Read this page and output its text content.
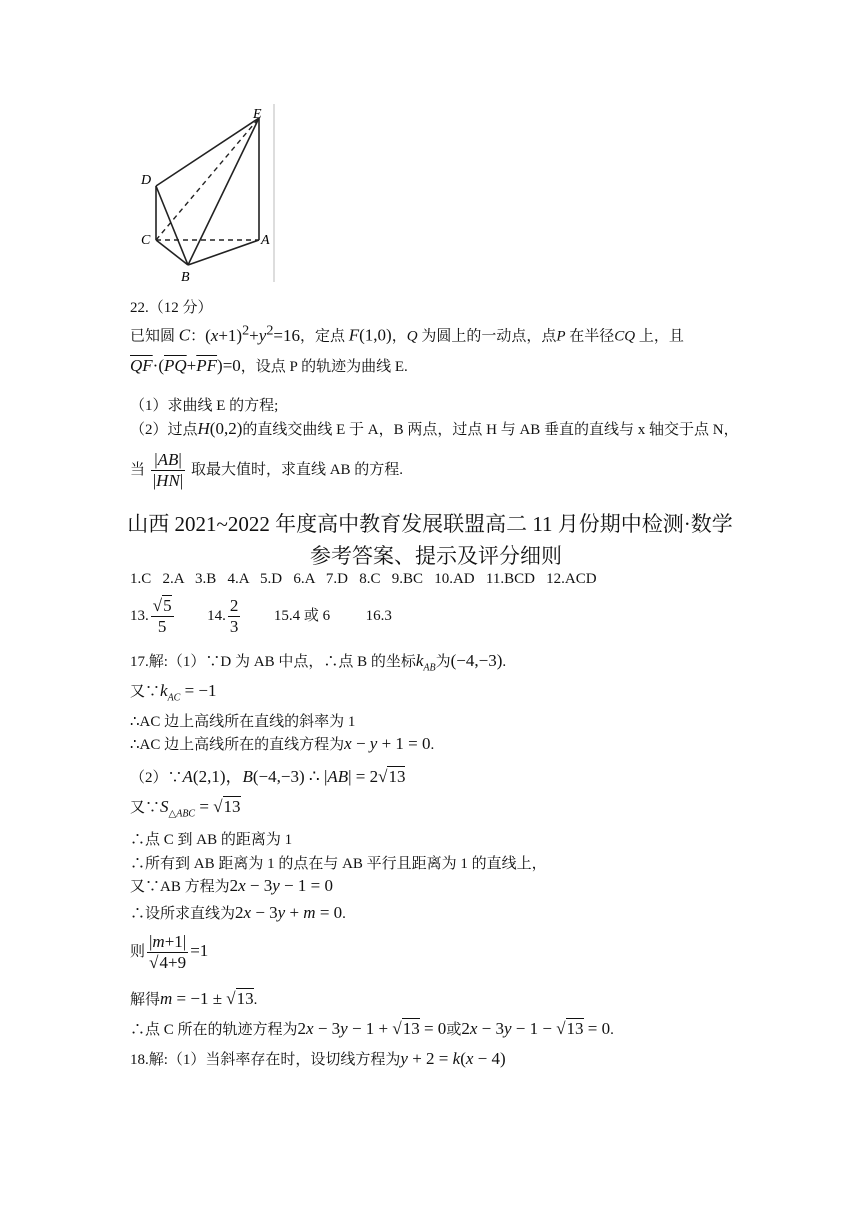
E
D
C	A
B
22.（12 分）
已知圆 C：$(x+1)^2+y^2=16$，定点 F(1,0)，Q 为圆上的一动点，点P 在半径CQ 上，且
$\overline{QF}\cdot(\overline{PQ}+\overline{PF})=0$，设点 P 的轨迹为曲线 E.
（1）求曲线 E 的方程;
（2）过点H(0,2)的直线交曲线 E 于 A，B 两点，过点 H 与 AB 垂直的直线与 x 轴交于点 N，
当 $\frac{|AB|}{|HN|}$ 取最大值时，求直线 AB 的方程.
山西 2021~2022 年度高中教育发展联盟高二 11 月份期中检测·数学
参考答案、提示及评分细则
1.C   2.A   3.B   4.A   5.D   6.A   7.D   8.C   9.BC   10.AD   11.BCD   12.ACD
13. $\frac{√5}{5} 14$. $\frac{2}{3} 15.4$ 或 6 16.3
17.解:（1）∵D 为 AB 中点，∴点 B 的坐标$k_{AB}$为(−4,−3).
又$\because k_{AC} = -1$
∴AC 边上高线所在直线的斜率为 1
∴AC 边上高线所在的直线方程为x − y + 1 = 0.
（2）∵A(2,1)，B(−4,−3) ∴ |AB| = 2√13
又$\because S_{\triangle ABC} = √13$
∴点 C 到 AB 的距离为 1
∴所有到 AB 距离为 1 的点在与 AB 平行且距离为 1 的直线上，
又∵AB 方程为2x − 3y − 1 = 0
∴设所求直线为2x − 3y + m = 0.
则 $\frac{|m+1|}{√4+9} =1$
解得m = −1 ± √13.
∴点 C 所在的轨迹方程为2x − 3y − 1 + √13 = 0或2x − 3y − 1 − √13 = 0.
18.解:（1）当斜率存在时，设切线方程为y + 2 = k(x − 4)
